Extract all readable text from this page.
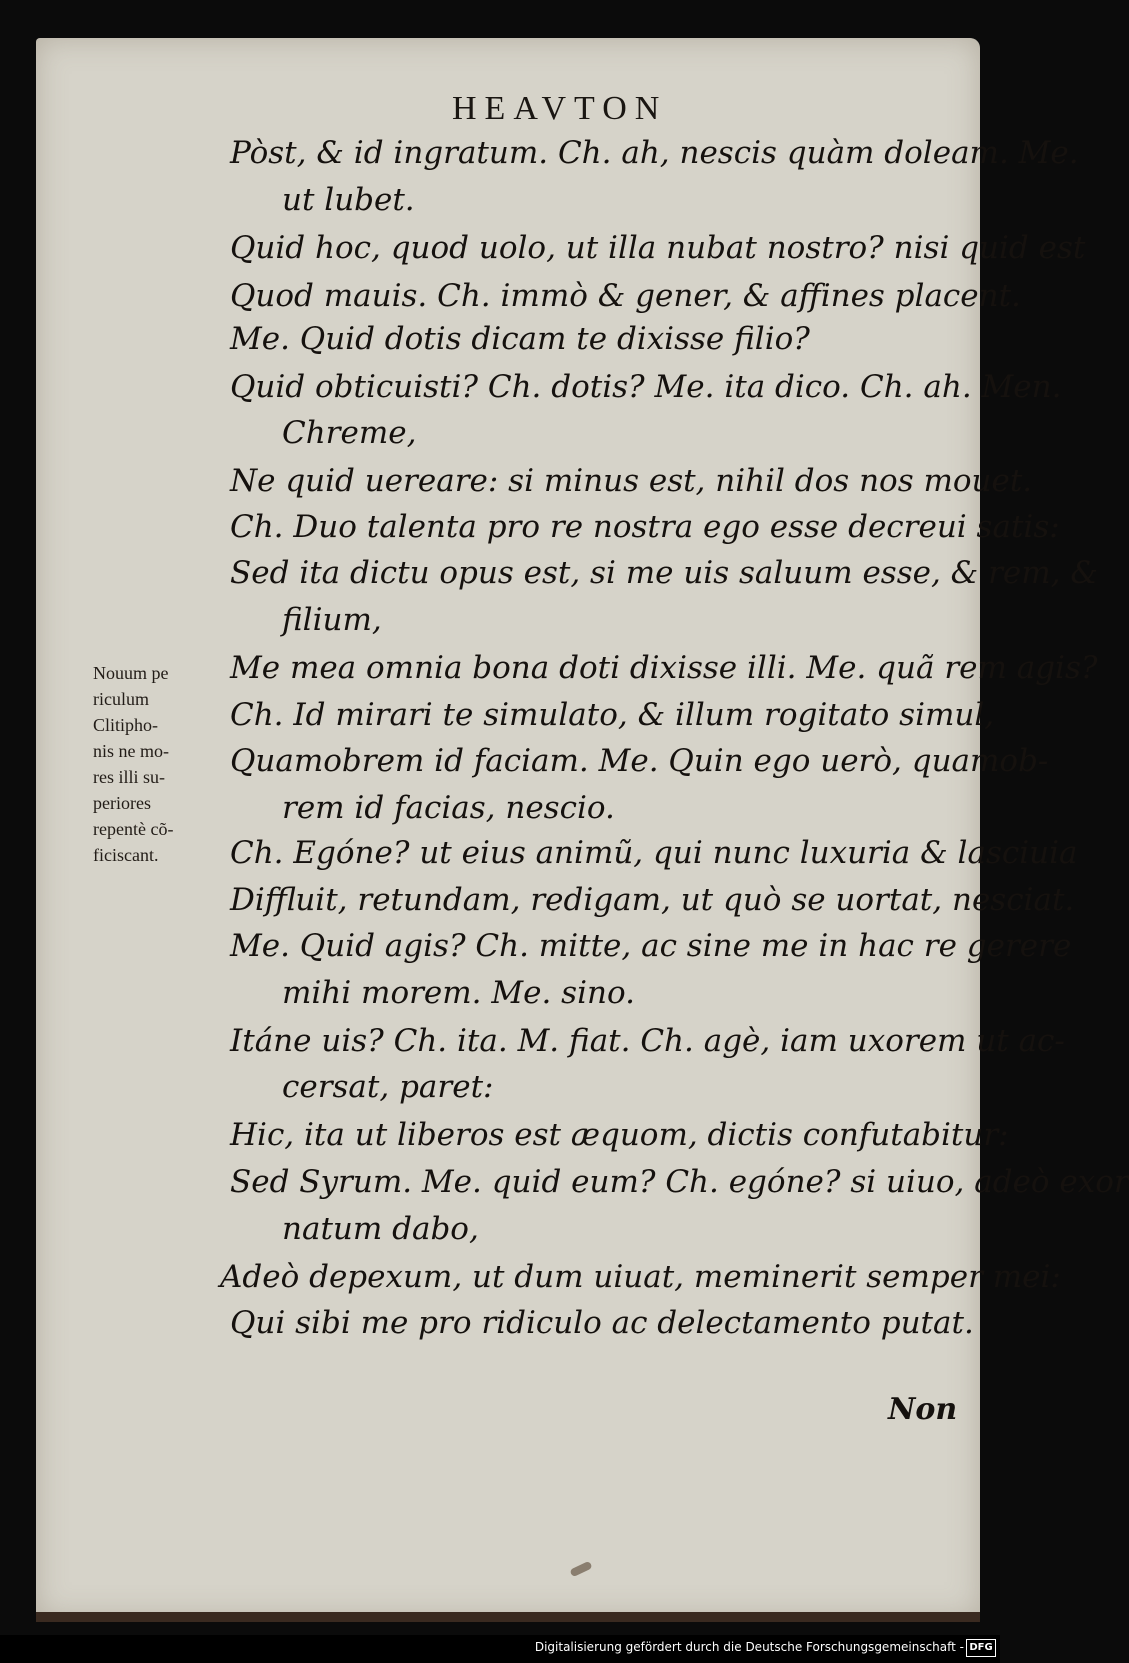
HEAVTON
Pòst, & id ingratum. Ch. ah, nescis quàm doleam. Me.
ut lubet.
Quid hoc, quod uolo, ut illa nubat nostro? nisi quid est
Quod mauis. Ch. immò & gener, & affines placent.
Me. Quid dotis dicam te dixisse filio?
Quid obticuisti? Ch. dotis? Me. ita dico. Ch. ah. Men.
Chreme,
Ne quid uereare: si minus est, nihil dos nos mouet.
Ch. Duo talenta pro re nostra ego esse decreui satis:
Sed ita dictu opus est, si me uis saluum esse, & rem, &
filium,
Me mea omnia bona doti dixisse illi. Me. quã rem agis?
Ch. Id mirari te simulato, & illum rogitato simul,
Quamobrem id faciam. Me. Quin ego uerò, quamob-
rem id facias, nescio.
Ch. Egóne? ut eius animũ, qui nunc luxuria & lasciuia
Diffluit, retundam, redigam, ut quò se uortat, nesciat.
Me. Quid agis? Ch. mitte, ac sine me in hac re gerere
mihi morem. Me. sino.
Itáne uis? Ch. ita. M. fiat. Ch. agè, iam uxorem ut ac-
cersat, paret:
Hic, ita ut liberos est æquom, dictis confutabitur:
Sed Syrum. Me. quid eum? Ch. egóne? si uiuo, adeò exor
natum dabo,
Adeò depexum, ut dum uiuat, meminerit semper mei:
Qui sibi me pro ridiculo ac delectamento putat.
Nouum pe
riculum
Clitipho-
nis ne mo-
res illi su-
periores
repentè cõ-
ficiscant.
Non
Digitalisierung gefördert durch die Deutsche Forschungsgemeinschaft - DFG
